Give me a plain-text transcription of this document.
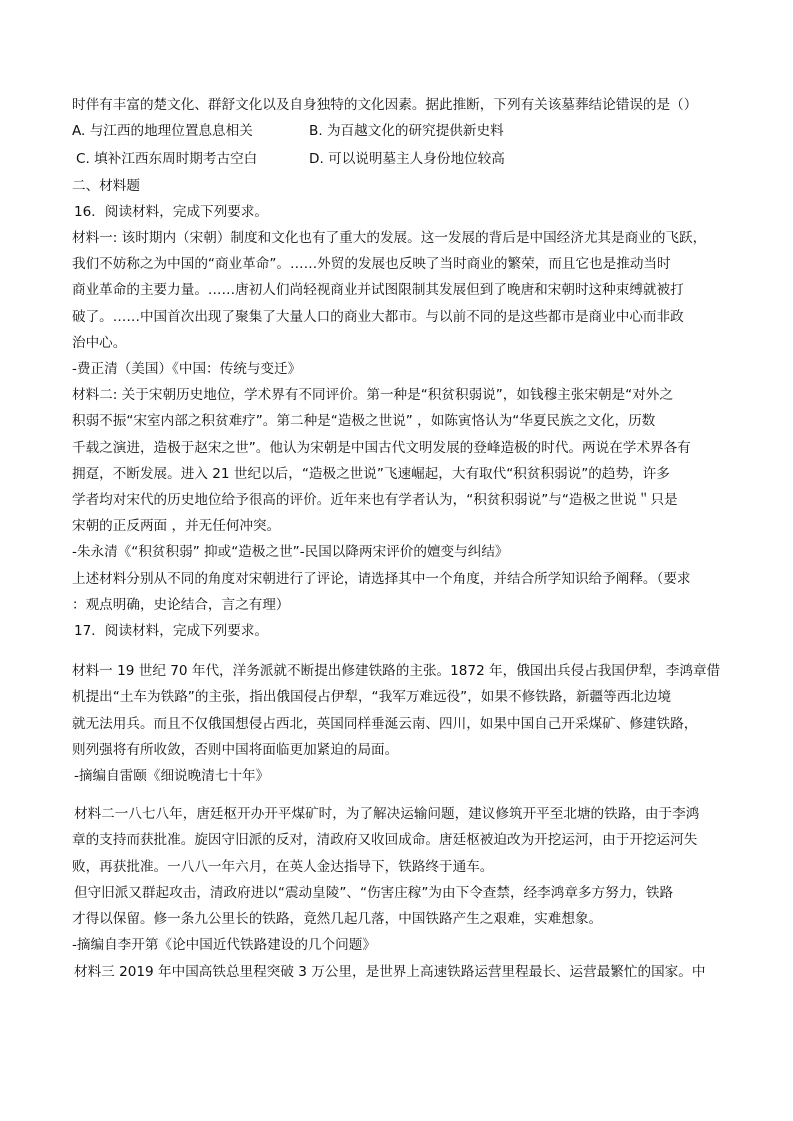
时伴有丰富的楚文化、群舒文化以及自身独特的文化因素。据此推断，下列有关该墓葬结论错误的是（）
A. 与江西的地理位置息息相关	B. 为百越文化的研究提供新史料
C. 填补江西东周时期考古空白	D. 可以说明墓主人身份地位较高
二、材料题
16．阅读材料，完成下列要求。
材料一: 该时期内（宋朝）制度和文化也有了重大的发展。这一发展的背后是中国经济尤其是商业的飞跃，
我们不妨称之为中国的“商业革命”。……外贸的发展也反映了当时商业的繁荣，而且它也是推动当时
商业革命的主要力量。……唐初人们尚轻视商业并试图限制其发展但到了晚唐和宋朝时这种束缚就被打
破了。……中国首次出现了聚集了大量人口的商业大都市。与以前不同的是这些都市是商业中心而非政
治中心。
-费正清（美国）《中国：传统与变迁》
材料二: 关于宋朝历史地位，学术界有不同评价。第一种是“积贫积弱说”，如钱穆主张宋朝是“对外之
积弱不振“宋室内部之积贫难疗”。第二种是“造极之世说” ，如陈寅恪认为“华夏民族之文化，历数
千载之演进，造极于赵宋之世”。他认为宋朝是中国古代文明发展的登峰造极的时代。两说在学术界各有
拥趸，不断发展。进入 21 世纪以后，“造极之世说”飞速崛起，大有取代“积贫积弱说”的趋势，许多
学者均对宋代的历史地位给予很高的评价。近年来也有学者认为，“积贫积弱说”与“造极之世说＂只是
宋朝的正反两面 ，并无任何冲突。
-朱永清《“积贫积弱” 抑或“造极之世”-民国以降两宋评价的嬗变与纠结》
上述材料分别从不同的角度对宋朝进行了评论，请选择其中一个角度，并结合所学知识给予阐释。（要求
：观点明确，史论结合，言之有理）
17．阅读材料，完成下列要求。
材料一 19 世纪 70 年代，洋务派就不断提出修建铁路的主张。1872 年，俄国出兵侵占我国伊犁，李鸿章借
机提出“土车为铁路”的主张，指出俄国侵占伊犁，“我军万难远役”，如果不修铁路，新疆等西北边境
就无法用兵。而且不仅俄国想侵占西北，英国同样垂涎云南、四川，如果中国自己开采煤矿、修建铁路，
则列强将有所收敛，否则中国将面临更加紧迫的局面。
-摘编自雷颐《细说晚清七十年》
材料二一八七八年，唐廷枢开办开平煤矿时，为了解决运输问题，建议修筑开平至北塘的铁路，由于李鸿
章的支持而获批准。旋因守旧派的反对，清政府又收回成命。唐廷枢被迫改为开挖运河，由于开挖运河失
败，再获批准。一八八一年六月，在英人金达指导下，铁路终于通车。
但守旧派又群起攻击，清政府进以“震动皇陵”、“伤害庄稼”为由下令查禁，经李鸿章多方努力，铁路
才得以保留。修一条九公里长的铁路，竟然几起几落，中国铁路产生之艰难，实难想象。
-摘编自李开第《论中国近代铁路建设的几个问题》
材料三 2019 年中国高铁总里程突破 3 万公里，是世界上高速铁路运营里程最长、运营最繁忙的国家。中
